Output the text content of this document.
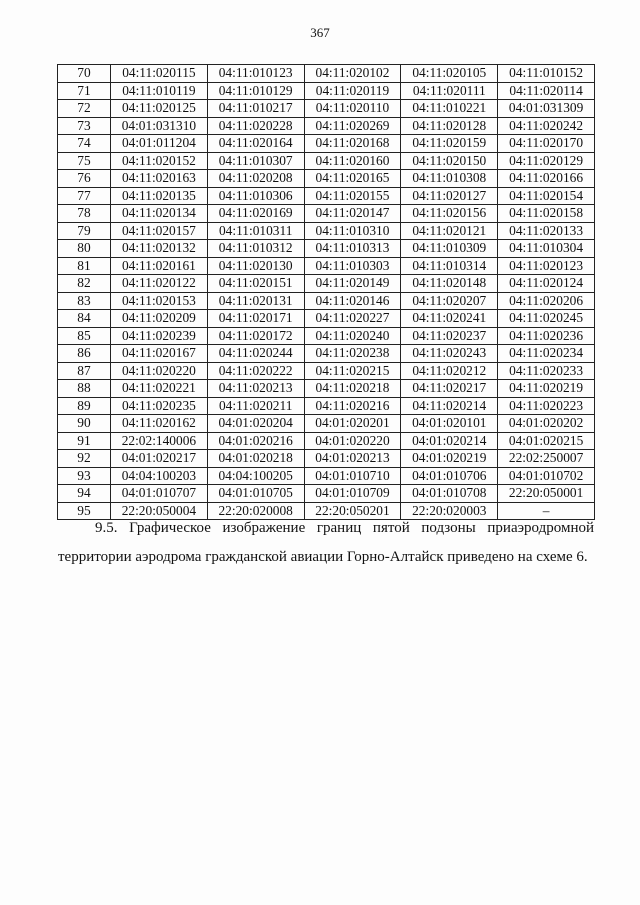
367
70	04:11:020115	04:11:010123	04:11:020102	04:11:020105	04:11:010152
71	04:11:010119	04:11:010129	04:11:020119	04:11:020111	04:11:020114
72	04:11:020125	04:11:010217	04:11:020110	04:11:010221	04:01:031309
73	04:01:031310	04:11:020228	04:11:020269	04:11:020128	04:11:020242
74	04:01:011204	04:11:020164	04:11:020168	04:11:020159	04:11:020170
75	04:11:020152	04:11:010307	04:11:020160	04:11:020150	04:11:020129
76	04:11:020163	04:11:020208	04:11:020165	04:11:010308	04:11:020166
77	04:11:020135	04:11:010306	04:11:020155	04:11:020127	04:11:020154
78	04:11:020134	04:11:020169	04:11:020147	04:11:020156	04:11:020158
79	04:11:020157	04:11:010311	04:11:010310	04:11:020121	04:11:020133
80	04:11:020132	04:11:010312	04:11:010313	04:11:010309	04:11:010304
81	04:11:020161	04:11:020130	04:11:010303	04:11:010314	04:11:020123
82	04:11:020122	04:11:020151	04:11:020149	04:11:020148	04:11:020124
83	04:11:020153	04:11:020131	04:11:020146	04:11:020207	04:11:020206
84	04:11:020209	04:11:020171	04:11:020227	04:11:020241	04:11:020245
85	04:11:020239	04:11:020172	04:11:020240	04:11:020237	04:11:020236
86	04:11:020167	04:11:020244	04:11:020238	04:11:020243	04:11:020234
87	04:11:020220	04:11:020222	04:11:020215	04:11:020212	04:11:020233
88	04:11:020221	04:11:020213	04:11:020218	04:11:020217	04:11:020219
89	04:11:020235	04:11:020211	04:11:020216	04:11:020214	04:11:020223
90	04:11:020162	04:01:020204	04:01:020201	04:01:020101	04:01:020202
91	22:02:140006	04:01:020216	04:01:020220	04:01:020214	04:01:020215
92	04:01:020217	04:01:020218	04:01:020213	04:01:020219	22:02:250007
93	04:04:100203	04:04:100205	04:01:010710	04:01:010706	04:01:010702
94	04:01:010707	04:01:010705	04:01:010709	04:01:010708	22:20:050001
95	22:20:050004	22:20:020008	22:20:050201	22:20:020003	–
9.5. Графическое изображение границ пятой подзоны приаэродромной территории аэродрома гражданской авиации Горно-Алтайск приведено на схеме 6.
